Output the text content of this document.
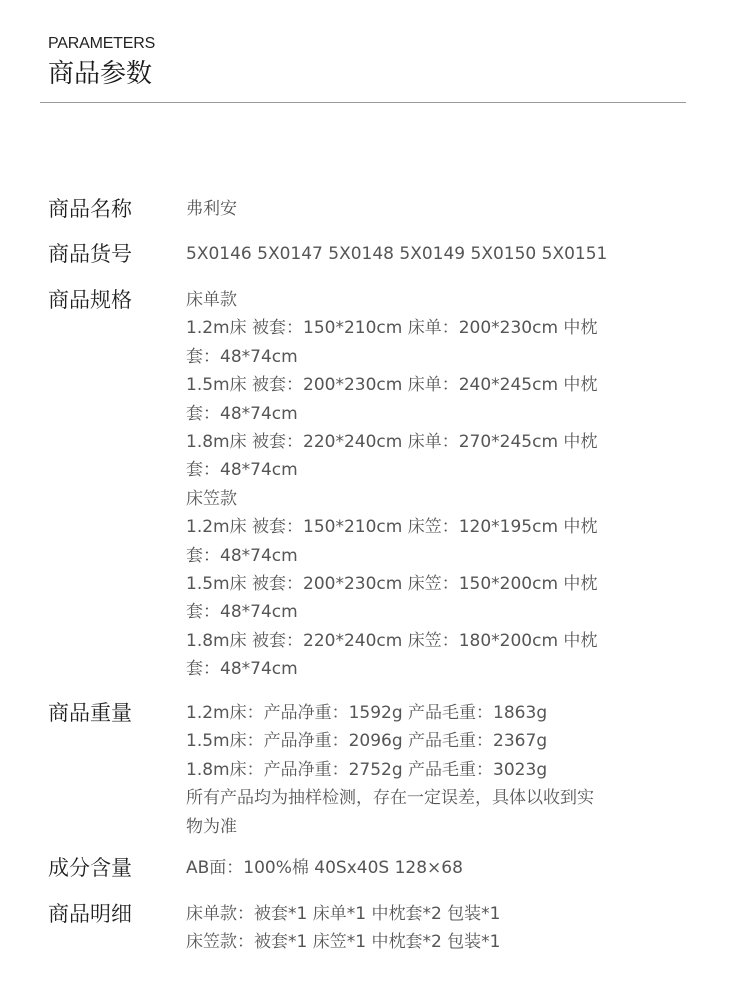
PARAMETERS
商品参数
商品名称	弗利安
商品货号	5X0146 5X0147 5X0148 5X0149 5X0150 5X0151
商品规格	床单款
1.2m床 被套：150*210cm 床单：200*230cm 中枕
套：48*74cm
1.5m床 被套：200*230cm 床单：240*245cm 中枕
套：48*74cm
1.8m床 被套：220*240cm 床单：270*245cm 中枕
套：48*74cm
床笠款
1.2m床 被套：150*210cm 床笠：120*195cm 中枕
套：48*74cm
1.5m床 被套：200*230cm 床笠：150*200cm 中枕
套：48*74cm
1.8m床 被套：220*240cm 床笠：180*200cm 中枕
套：48*74cm
商品重量	1.2m床：产品净重：1592g 产品毛重：1863g
1.5m床：产品净重：2096g 产品毛重：2367g
1.8m床：产品净重：2752g 产品毛重：3023g
所有产品均为抽样检测，存在一定误差，具体以收到实
物为准
成分含量	AB面：100%棉 40Sx40S 128×68
商品明细	床单款：被套*1 床单*1 中枕套*2 包装*1
床笠款：被套*1 床笠*1 中枕套*2 包装*1
